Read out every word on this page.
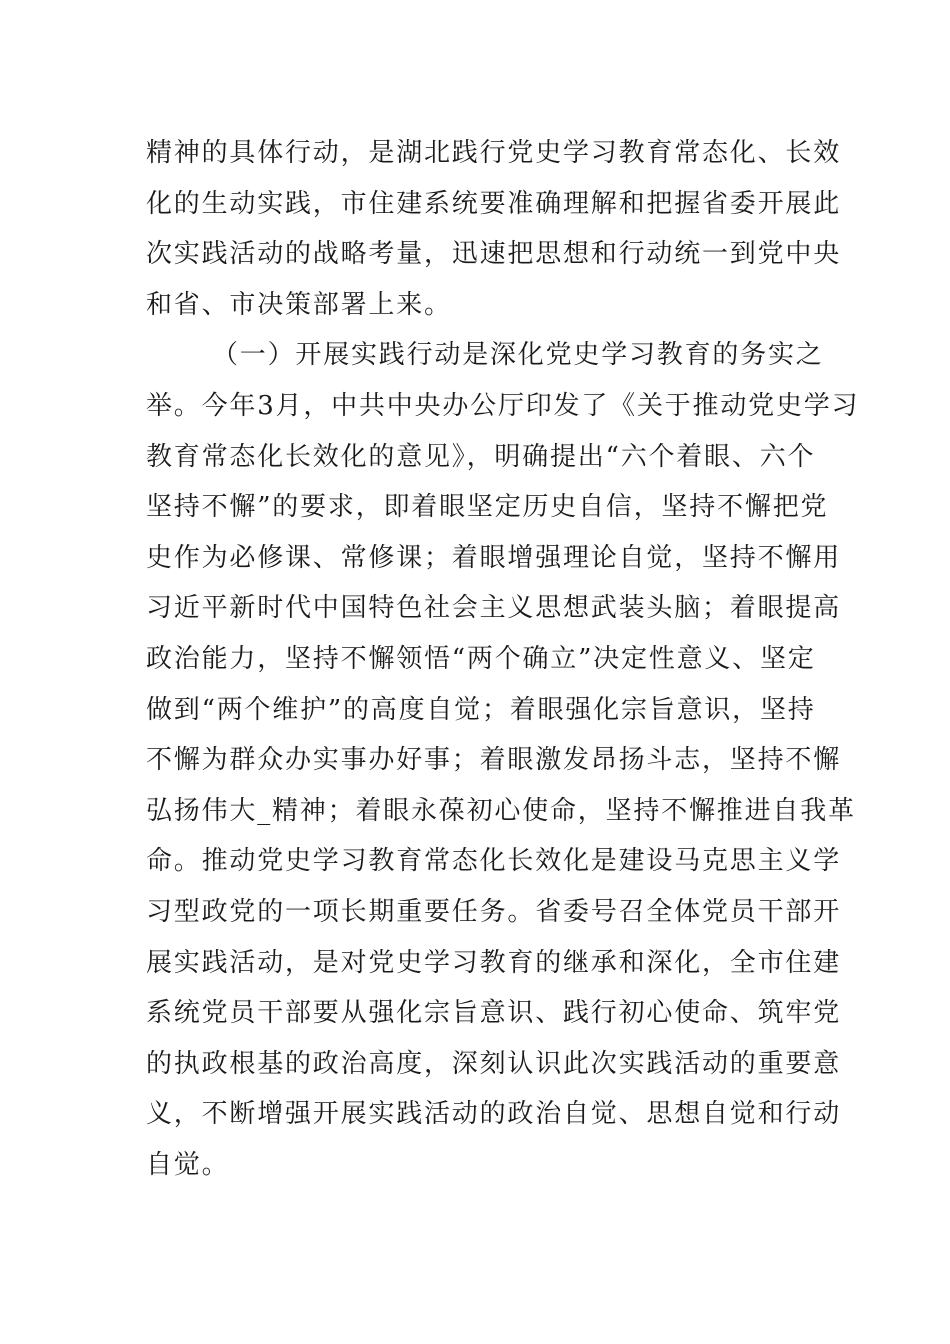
精神的具体行动，是湖北践行党史学习教育常态化、长效
化的生动实践，市住建系统要准确理解和把握省委开展此
次实践活动的战略考量，迅速把思想和行动统一到党中央
和省、市决策部署上来。
（一）开展实践行动是深化党史学习教育的务实之
举。今年3月，中共中央办公厅印发了《关于推动党史学习
教育常态化长效化的意见》，明确提出“六个着眼、六个
坚持不懈”的要求，即着眼坚定历史自信，坚持不懈把党
史作为必修课、常修课；着眼增强理论自觉，坚持不懈用
习近平新时代中国特色社会主义思想武装头脑；着眼提高
政治能力，坚持不懈领悟“两个确立”决定性意义、坚定
做到“两个维护”的高度自觉；着眼强化宗旨意识，坚持
不懈为群众办实事办好事；着眼激发昂扬斗志，坚持不懈
弘扬伟大_精神；着眼永葆初心使命，坚持不懈推进自我革
命。推动党史学习教育常态化长效化是建设马克思主义学
习型政党的一项长期重要任务。省委号召全体党员干部开
展实践活动，是对党史学习教育的继承和深化，全市住建
系统党员干部要从强化宗旨意识、践行初心使命、筑牢党
的执政根基的政治高度，深刻认识此次实践活动的重要意
义，不断增强开展实践活动的政治自觉、思想自觉和行动
自觉。
